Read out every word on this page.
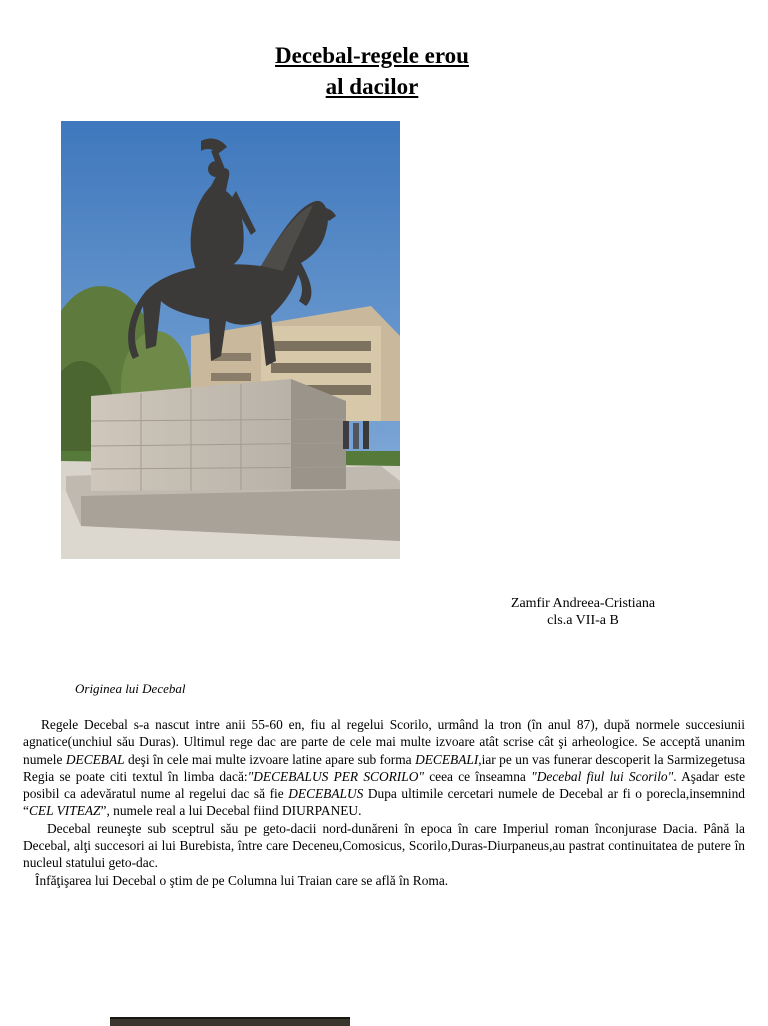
Decebal-regele erou
al dacilor
Zamfir Andreea-Cristiana
cls.a VII-a B
Originea lui Decebal

Regele Decebal s-a nascut intre anii 55-60 en, fiu al regelui Scorilo, urmând la tron (în anul 87), după normele succesiunii agnatice(unchiul său Duras). Ultimul rege dac are parte de cele mai multe izvoare atât scrise cât şi arheologice. Se acceptă unanim numele DECEBAL deşi în cele mai multe izvoare latine apare sub forma DECEBALI,iar pe un vas funerar descoperit la Sarmizegetusa Regia se poate citi textul în limba dacă:"DECEBALUS PER SCORILO" ceea ce înseamna "Decebal fiul lui Scorilo". Aşadar este posibil ca adevăratul nume al regelui dac să fie DECEBALUS Dupa ultimile cercetari numele de Decebal ar fi o porecla,insemnind “CEL VITEAZ”, numele real a lui Decebal fiind DIURPANEU.

Decebal reuneşte sub sceptrul său pe geto-dacii nord-dunăreni în epoca în care Imperiul roman înconjurase Dacia. Până la Decebal, alţi succesori ai lui Burebista, între care Deceneu,Comosicus, Scorilo,Duras-Diurpaneus,au pastrat continuitatea de putere în nucleul statului geto-dac.

Înfăţişarea lui Decebal o ştim de pe Columna lui Traian care se află în Roma.
